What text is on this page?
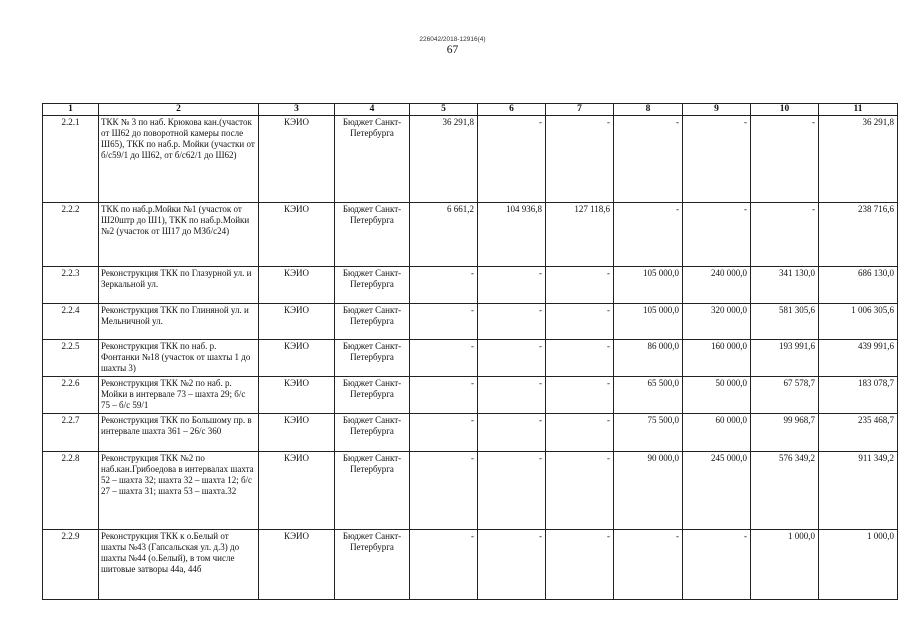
226042/2018-12916(4)
67
1	2	3	4	5	6	7	8	9	10	11
2.2.1	ТКК № 3 по наб. Крюкова кан.(участок от Ш62 до поворотной камеры после Ш65), ТКК по наб.р. Мойки (участки от б/с59/1 до Ш62, от б/с62/1 до Ш62)	КЭИО	Бюджет Санкт-Петербурга	36 291,8	-	-	-	-	-	36 291,8
2.2.2	ТКК по наб.р.Мойки №1 (участок от Ш20штр до Ш1), ТКК по наб.р.Мойки №2 (участок от Ш17 до МЗб/с24)	КЭИО	Бюджет Санкт-Петербурга	6 661,2	104 936,8	127 118,6	-	-	-	238 716,6
2.2.3	Реконструкция ТКК по Глазурной ул. и Зеркальной ул.	КЭИО	Бюджет Санкт-Петербурга	-	-	-	105 000,0	240 000,0	341 130,0	686 130,0
2.2.4	Реконструкция ТКК по Глиняной ул. и Мельничной ул.	КЭИО	Бюджет Санкт-Петербурга	-	-	-	105 000,0	320 000,0	581 305,6	1 006 305,6
2.2.5	Реконструкция ТКК по наб. р. Фонтанки №18 (участок от шахты 1 до шахты 3)	КЭИО	Бюджет Санкт-Петербурга	-	-	-	86 000,0	160 000,0	193 991,6	439 991,6
2.2.6	Реконструкция ТКК №2 по наб. р. Мойки в интервале 73 – шахта 29; б/с 75 – б/с 59/1	КЭИО	Бюджет Санкт-Петербурга	-	-	-	65 500,0	50 000,0	67 578,7	183 078,7
2.2.7	Реконструкция ТКК по Большому пр. в интервале шахта 361 – 26/с 360	КЭИО	Бюджет Санкт-Петербурга	-	-	-	75 500,0	60 000,0	99 968,7	235 468,7
2.2.8	Реконструкция ТКК №2 по наб.кан.Грибоедова в интервалах шахта 52 – шахта 32; шахта 32 – шахта 12; б/с 27 – шахта 31; шахта 53 – шахта.32	КЭИО	Бюджет Санкт-Петербурга	-	-	-	90 000,0	245 000,0	576 349,2	911 349,2
2.2.9	Реконструкция ТКК к о.Белый от шахты №43 (Гапсальская ул. д.3) до шахты №44 (о.Белый), в том числе шитовые затворы 44а, 44б	КЭИО	Бюджет Санкт-Петербурга	-	-	-	-	-	1 000,0	1 000,0
